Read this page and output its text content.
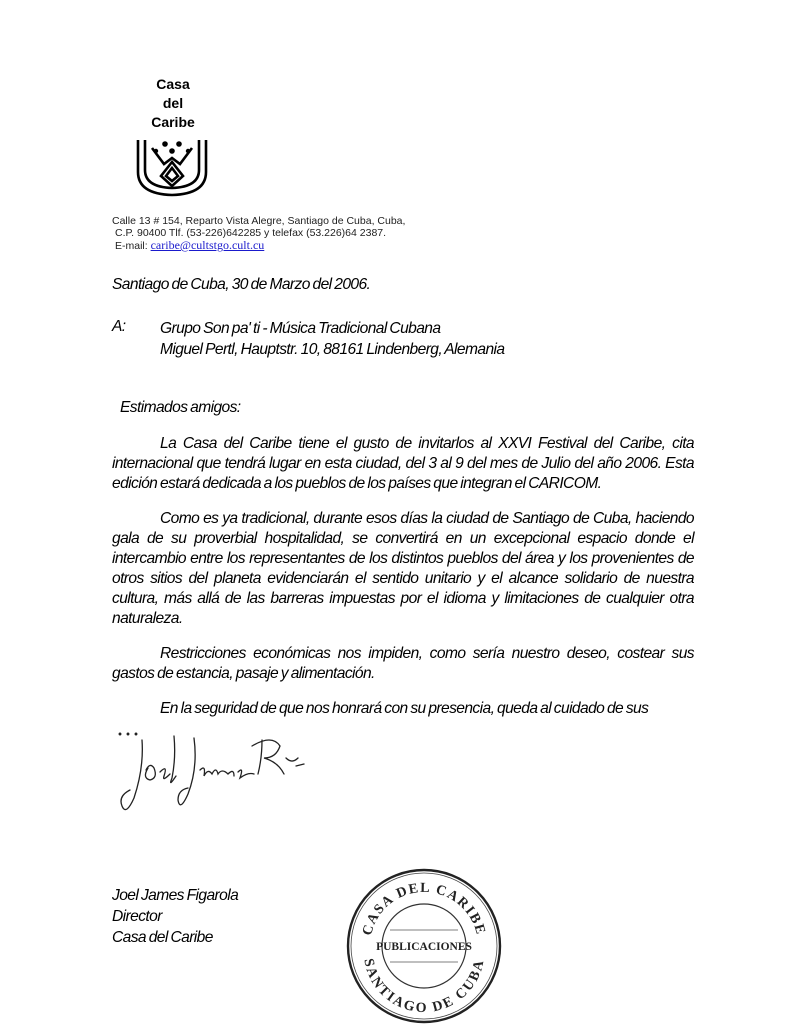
Casa
del
Caribe
Calle 13 # 154, Reparto Vista Alegre, Santiago de Cuba, Cuba,
C.P. 90400 Tlf. (53-226)642285 y telefax (53.226)64 2387.
E-mail: caribe@cultstgo.cult.cu
Santiago de Cuba, 30 de Marzo del 2006.
A: Grupo Son pa' ti - Música Tradicional Cubana
Miguel Pertl, Hauptstr. 10, 88161 Lindenberg, Alemania
Estimados amigos:

La Casa del Caribe tiene el gusto de invitarlos al XXVI Festival del Caribe, cita internacional que tendrá lugar en esta ciudad, del 3 al 9 del mes de Julio del año 2006. Esta edición estará dedicada a los pueblos de los países que integran el CARICOM.

Como es ya tradicional, durante esos días la ciudad de Santiago de Cuba, haciendo gala de su proverbial hospitalidad, se convertirá en un excepcional espacio donde el intercambio entre los representantes de los distintos pueblos del área y los provenientes de otros sitios del planeta evidenciarán el sentido unitario y el alcance solidario de nuestra cultura, más allá de las barreras impuestas por el idioma y limitaciones de cualquier otra naturaleza.

Restricciones económicas nos impiden, como sería nuestro deseo, costear sus gastos de estancia, pasaje y alimentación.

En la seguridad de que nos honrará con su presencia, queda al cuidado de sus

Joel James Figarola
Director
Casa del Caribe	CASA DEL CARIBE
SANTIAGO DE CUBA
PUBLICACIONES
